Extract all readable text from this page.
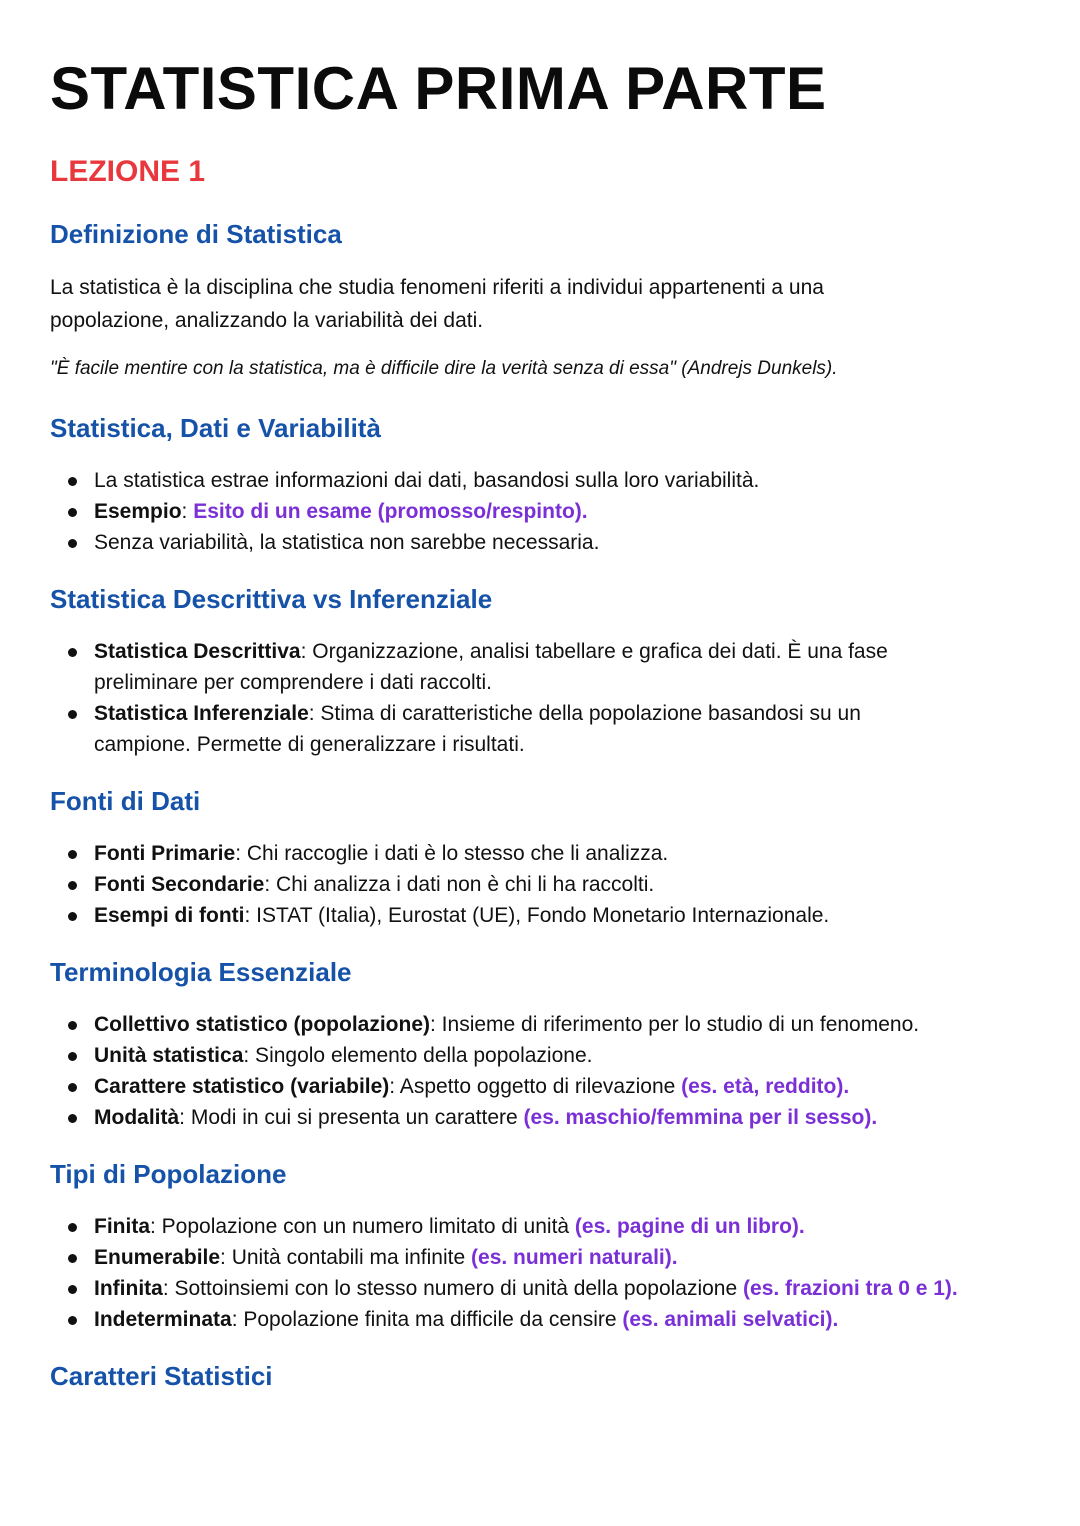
STATISTICA PRIMA PARTE
LEZIONE 1
Definizione di Statistica

La statistica è la disciplina che studia fenomeni riferiti a individui appartenenti a una popolazione, analizzando la variabilità dei dati.

"È facile mentire con la statistica, ma è difficile dire la verità senza di essa" (Andrejs Dunkels).

Statistica, Dati e Variabilità
La statistica estrae informazioni dai dati, basandosi sulla loro variabilità.
Esempio: Esito di un esame (promosso/respinto).
Senza variabilità, la statistica non sarebbe necessaria.
Statistica Descrittiva vs Inferenziale
Statistica Descrittiva: Organizzazione, analisi tabellare e grafica dei dati. È una fase preliminare per comprendere i dati raccolti.
Statistica Inferenziale: Stima di caratteristiche della popolazione basandosi su un campione. Permette di generalizzare i risultati.
Fonti di Dati
Fonti Primarie: Chi raccoglie i dati è lo stesso che li analizza.
Fonti Secondarie: Chi analizza i dati non è chi li ha raccolti.
Esempi di fonti: ISTAT (Italia), Eurostat (UE), Fondo Monetario Internazionale.
Terminologia Essenziale
Collettivo statistico (popolazione): Insieme di riferimento per lo studio di un fenomeno.
Unità statistica: Singolo elemento della popolazione.
Carattere statistico (variabile): Aspetto oggetto di rilevazione (es. età, reddito).
Modalità: Modi in cui si presenta un carattere (es. maschio/femmina per il sesso).
Tipi di Popolazione
Finita: Popolazione con un numero limitato di unità (es. pagine di un libro).
Enumerabile: Unità contabili ma infinite (es. numeri naturali).
Infinita: Sottoinsiemi con lo stesso numero di unità della popolazione (es. frazioni tra 0 e 1).
Indeterminata: Popolazione finita ma difficile da censire (es. animali selvatici).
Caratteri Statistici
